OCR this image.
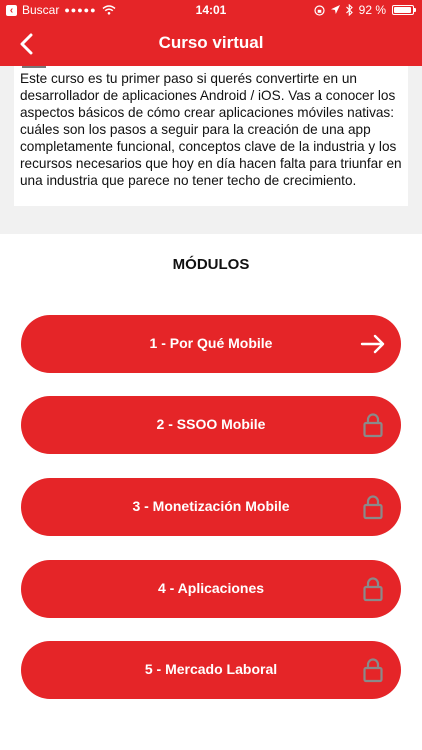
‹ Buscar ●●●●●	14:01	92 %
Curso virtual

Este curso es tu primer paso si querés convertirte en un desarrollador de aplicaciones Android / iOS. Vas a conocer los aspectos básicos de cómo crear aplicaciones móviles nativas: cuáles son los pasos a seguir para la creación de una app completamente funcional, conceptos clave de la industria y los recursos necesarios que hoy en día hacen falta para triunfar en una industria que parece no tener techo de crecimiento.

MÓDULOS
1 - Por Qué Mobile
2 - SSOO Mobile
3 - Monetización Mobile
4 - Aplicaciones
5 - Mercado Laboral
